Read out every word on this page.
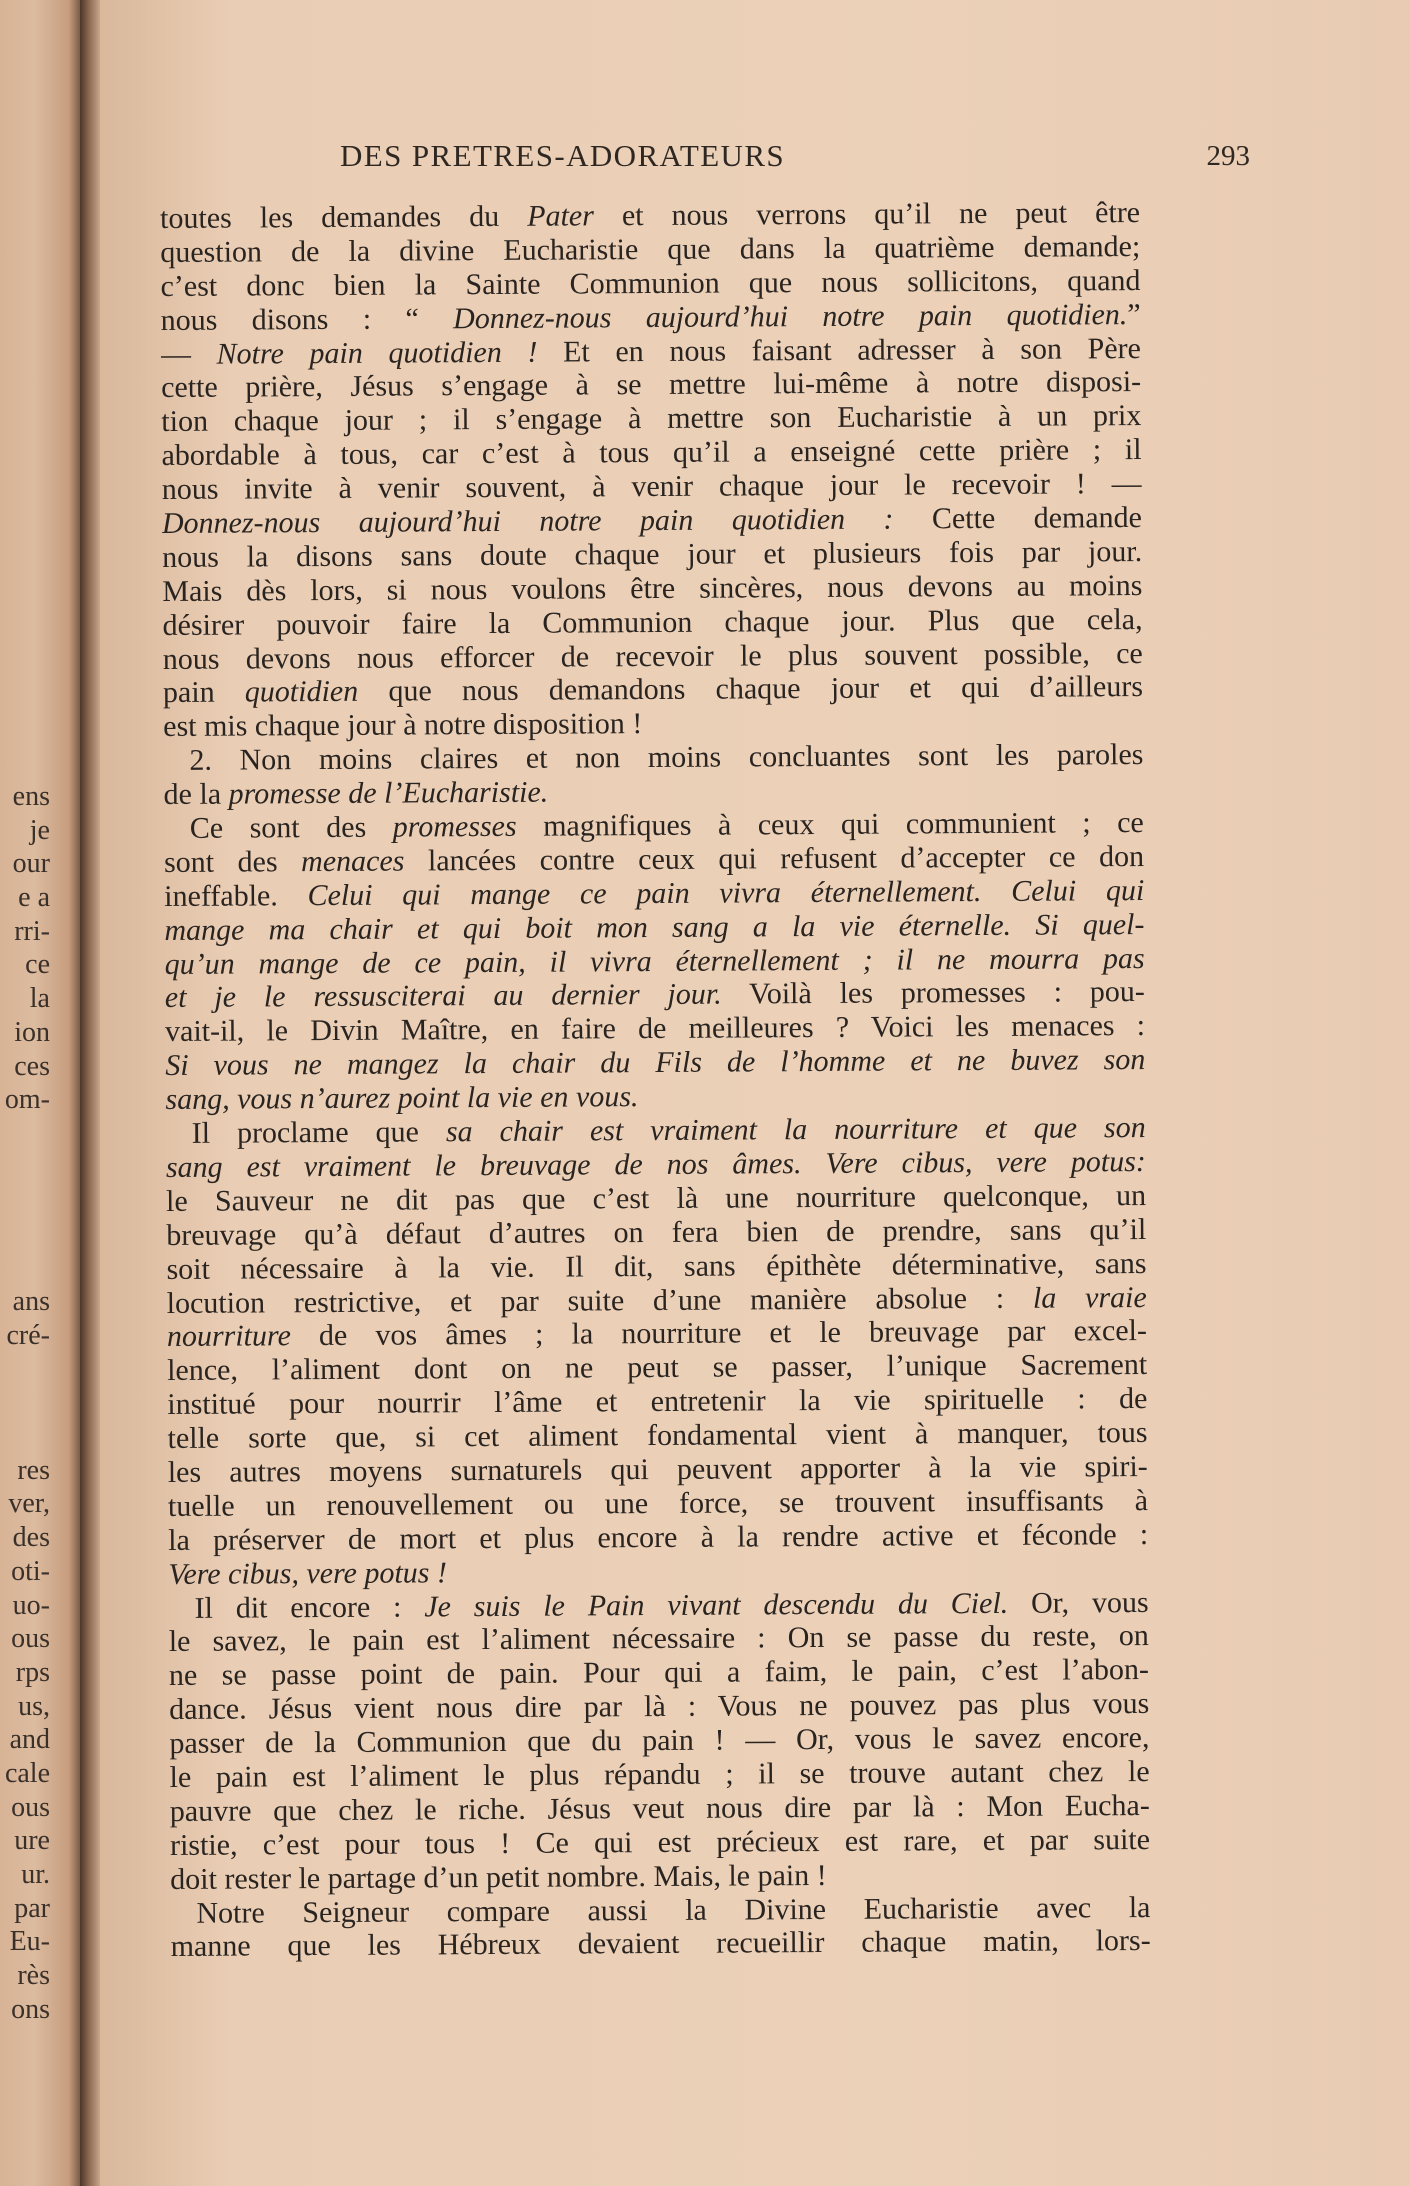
ens
je
our
e a
rri-
ce
la
ion
ces
om-
ans
cré-
res
ver,
des
oti-
uo-
ous
rps
us,
and
cale
ous
ure
ur.
par
Eu-
rès
ons
DES PRETRES-ADORATEURS	293
toutes les demandes du Pater et nous verrons qu’il ne peut être
question de la divine Eucharistie que dans la quatrième demande;
c’est donc bien la Sainte Communion que nous sollicitons, quand
nous disons : “ Donnez-nous aujourd’hui notre pain quotidien.”
— Notre pain quotidien ! Et en nous faisant adresser à son Père
cette prière, Jésus s’engage à se mettre lui-même à notre disposi-
tion chaque jour ; il s’engage à mettre son Eucharistie à un prix
abordable à tous, car c’est à tous qu’il a enseigné cette prière ; il
nous invite à venir souvent, à venir chaque jour le recevoir ! —
Donnez-nous aujourd’hui notre pain quotidien : Cette demande
nous la disons sans doute chaque jour et plusieurs fois par jour.
Mais dès lors, si nous voulons être sincères, nous devons au moins
désirer pouvoir faire la Communion chaque jour. Plus que cela,
nous devons nous efforcer de recevoir le plus souvent possible, ce
pain quotidien que nous demandons chaque jour et qui d’ailleurs
est mis chaque jour à notre disposition !
2. Non moins claires et non moins concluantes sont les paroles
de la promesse de l’Eucharistie.
Ce sont des promesses magnifiques à ceux qui communient ; ce
sont des menaces lancées contre ceux qui refusent d’accepter ce don
ineffable. Celui qui mange ce pain vivra éternellement. Celui qui
mange ma chair et qui boit mon sang a la vie éternelle. Si quel-
qu’un mange de ce pain, il vivra éternellement ; il ne mourra pas
et je le ressusciterai au dernier jour. Voilà les promesses : pou-
vait-il, le Divin Maître, en faire de meilleures ? Voici les menaces :
Si vous ne mangez la chair du Fils de l’homme et ne buvez son
sang, vous n’aurez point la vie en vous.
Il proclame que sa chair est vraiment la nourriture et que son
sang est vraiment le breuvage de nos âmes. Vere cibus, vere potus:
le Sauveur ne dit pas que c’est là une nourriture quelconque, un
breuvage qu’à défaut d’autres on fera bien de prendre, sans qu’il
soit nécessaire à la vie. Il dit, sans épithète déterminative, sans
locution restrictive, et par suite d’une manière absolue : la vraie
nourriture de vos âmes ; la nourriture et le breuvage par excel-
lence, l’aliment dont on ne peut se passer, l’unique Sacrement
institué pour nourrir l’âme et entretenir la vie spirituelle : de
telle sorte que, si cet aliment fondamental vient à manquer, tous
les autres moyens surnaturels qui peuvent apporter à la vie spiri-
tuelle un renouvellement ou une force, se trouvent insuffisants à
la préserver de mort et plus encore à la rendre active et féconde :
Vere cibus, vere potus !
Il dit encore : Je suis le Pain vivant descendu du Ciel. Or, vous
le savez, le pain est l’aliment nécessaire : On se passe du reste, on
ne se passe point de pain. Pour qui a faim, le pain, c’est l’abon-
dance. Jésus vient nous dire par là : Vous ne pouvez pas plus vous
passer de la Communion que du pain ! — Or, vous le savez encore,
le pain est l’aliment le plus répandu ; il se trouve autant chez le
pauvre que chez le riche. Jésus veut nous dire par là : Mon Eucha-
ristie, c’est pour tous ! Ce qui est précieux est rare, et par suite
doit rester le partage d’un petit nombre. Mais, le pain !
Notre Seigneur compare aussi la Divine Eucharistie avec la
manne que les Hébreux devaient recueillir chaque matin, lors-
